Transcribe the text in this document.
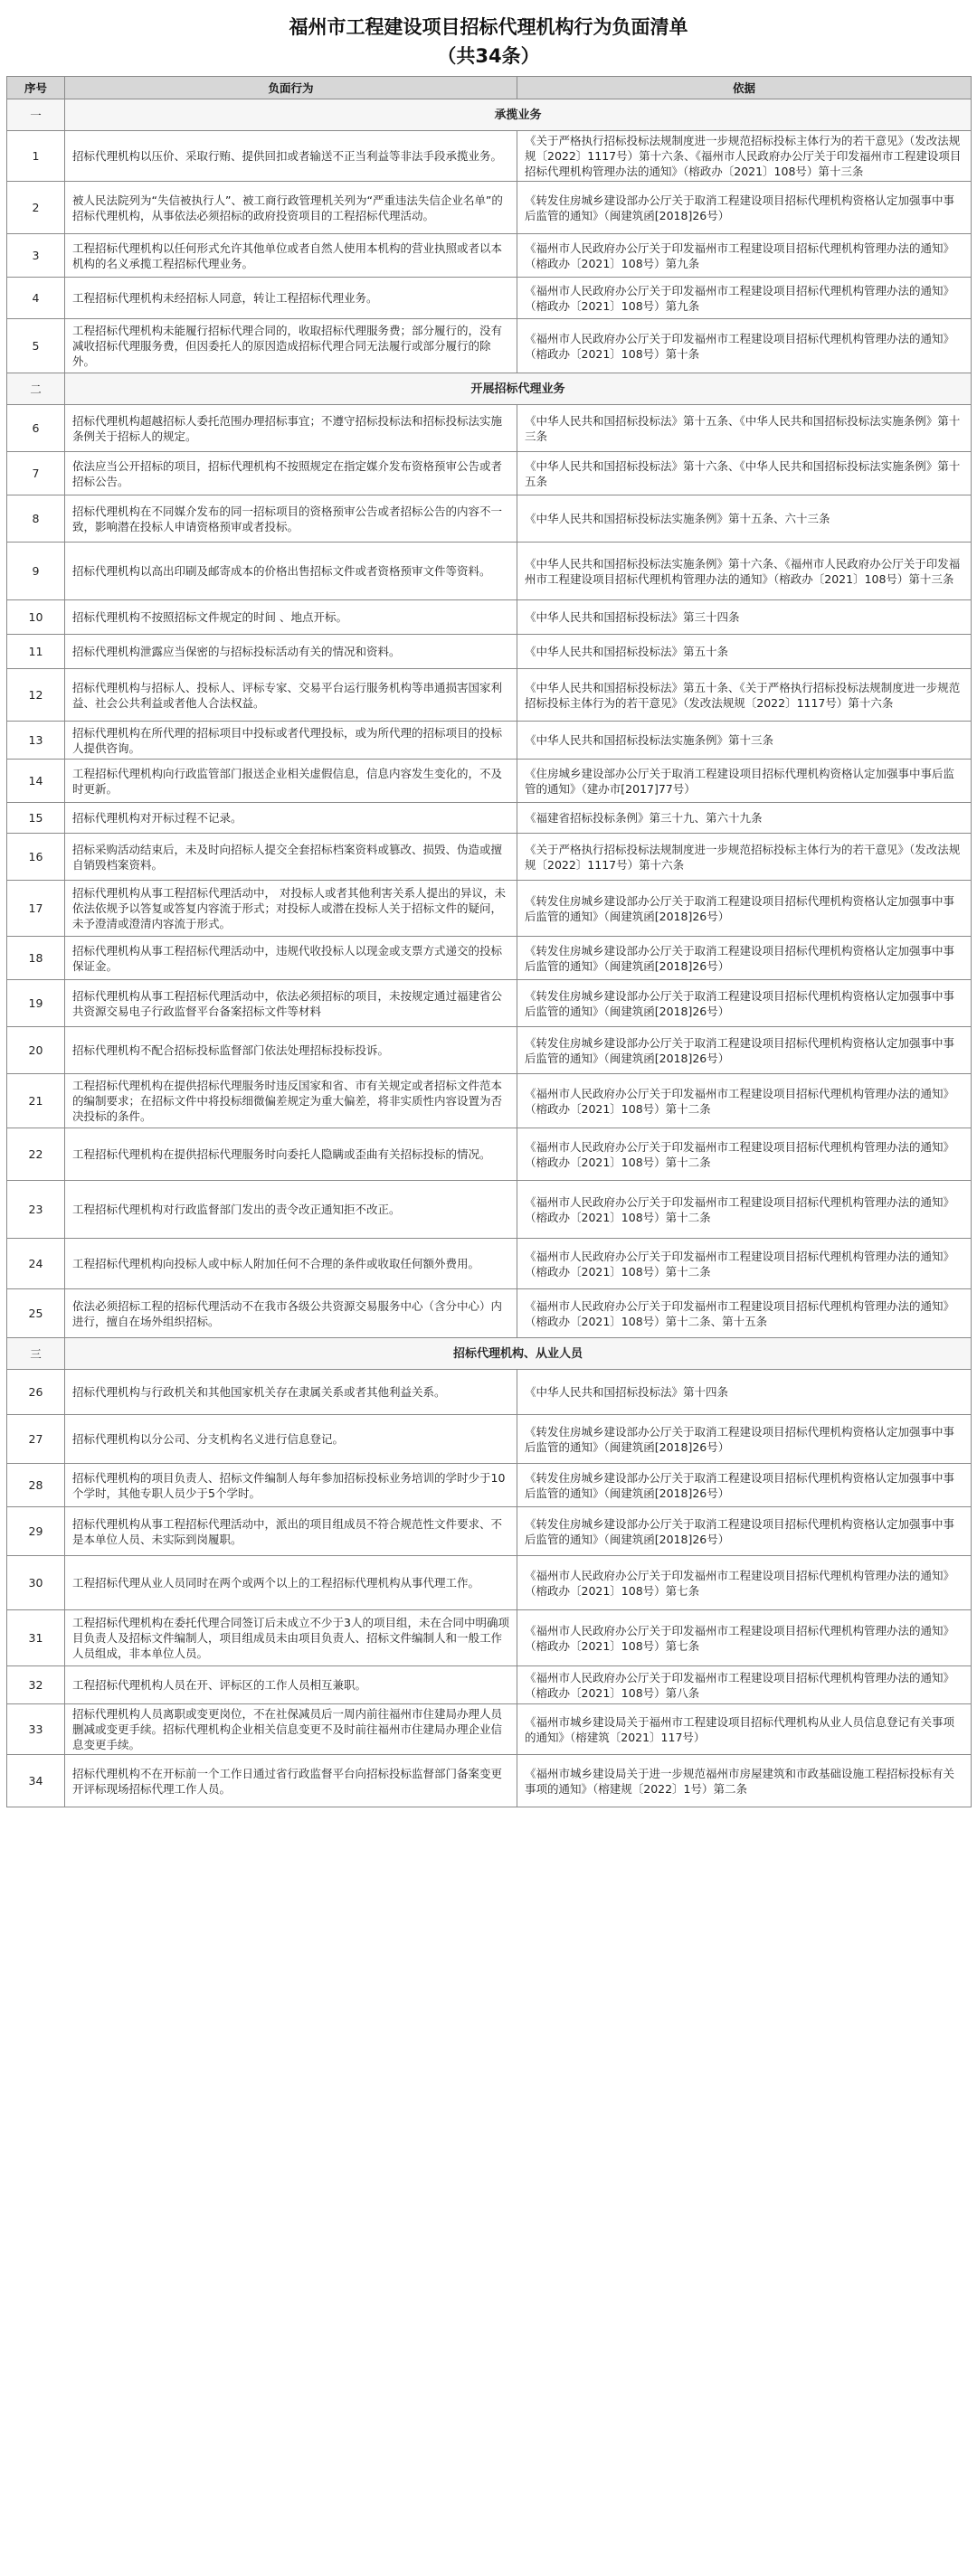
福州市工程建设项目招标代理机构行为负面清单
（共34条）
序号	负面行为	依据
一	承揽业务	
1	招标代理机构以压价、采取行贿、提供回扣或者输送不正当利益等非法手段承揽业务。	《关于严格执行招标投标法规制度进一步规范招标投标主体行为的若干意见》（发改法规规〔2022〕1117号）第十六条、《福州市人民政府办公厅关于印发福州市工程建设项目招标代理机构管理办法的通知》（榕政办〔2021〕108号）第十三条
2	被人民法院列为“失信被执行人”、被工商行政管理机关列为“严重违法失信企业名单”的招标代理机构，从事依法必须招标的政府投资项目的工程招标代理活动。	《转发住房城乡建设部办公厅关于取消工程建设项目招标代理机构资格认定加强事中事后监管的通知》（闽建筑函[2018]26号）
3	工程招标代理机构以任何形式允许其他单位或者自然人使用本机构的营业执照或者以本机构的名义承揽工程招标代理业务。	《福州市人民政府办公厅关于印发福州市工程建设项目招标代理机构管理办法的通知》（榕政办〔2021〕108号）第九条
4	工程招标代理机构未经招标人同意，转让工程招标代理业务。	《福州市人民政府办公厅关于印发福州市工程建设项目招标代理机构管理办法的通知》（榕政办〔2021〕108号）第九条
5	工程招标代理机构未能履行招标代理合同的，收取招标代理服务费；部分履行的，没有减收招标代理服务费，但因委托人的原因造成招标代理合同无法履行或部分履行的除外。	《福州市人民政府办公厅关于印发福州市工程建设项目招标代理机构管理办法的通知》（榕政办〔2021〕108号）第十条
二	开展招标代理业务	
6	招标代理机构超越招标人委托范围办理招标事宜；不遵守招标投标法和招标投标法实施条例关于招标人的规定。	《中华人民共和国招标投标法》第十五条、《中华人民共和国招标投标法实施条例》第十三条
7	依法应当公开招标的项目，招标代理机构不按照规定在指定媒介发布资格预审公告或者招标公告。	《中华人民共和国招标投标法》第十六条、《中华人民共和国招标投标法实施条例》第十五条
8	招标代理机构在不同媒介发布的同一招标项目的资格预审公告或者招标公告的内容不一致，影响潜在投标人申请资格预审或者投标。	《中华人民共和国招标投标法实施条例》第十五条、六十三条
9	招标代理机构以高出印刷及邮寄成本的价格出售招标文件或者资格预审文件等资料。	《中华人民共和国招标投标法实施条例》第十六条、《福州市人民政府办公厅关于印发福州市工程建设项目招标代理机构管理办法的通知》（榕政办〔2021〕108号）第十三条
10	招标代理机构不按照招标文件规定的时间 、地点开标。	《中华人民共和国招标投标法》第三十四条
11	招标代理机构泄露应当保密的与招标投标活动有关的情况和资料。	《中华人民共和国招标投标法》第五十条
12	招标代理机构与招标人、投标人、评标专家、交易平台运行服务机构等串通损害国家利益、社会公共利益或者他人合法权益。	《中华人民共和国招标投标法》第五十条、《关于严格执行招标投标法规制度进一步规范招标投标主体行为的若干意见》（发改法规规〔2022〕1117号）第十六条
13	招标代理机构在所代理的招标项目中投标或者代理投标，或为所代理的招标项目的投标人提供咨询。	《中华人民共和国招标投标法实施条例》第十三条
14	工程招标代理机构向行政监管部门报送企业相关虚假信息，信息内容发生变化的，不及时更新。	《住房城乡建设部办公厅关于取消工程建设项目招标代理机构资格认定加强事中事后监管的通知》（建办市[2017]77号）
15	招标代理机构对开标过程不记录。	《福建省招标投标条例》第三十九、第六十九条
16	招标采购活动结束后，未及时向招标人提交全套招标档案资料或篡改、损毁、伪造或擅自销毁档案资料。	《关于严格执行招标投标法规制度进一步规范招标投标主体行为的若干意见》（发改法规规〔2022〕1117号）第十六条
17	招标代理机构从事工程招标代理活动中， 对投标人或者其他利害关系人提出的异议，未依法依规予以答复或答复内容流于形式；对投标人或潜在投标人关于招标文件的疑问，未予澄清或澄清内容流于形式。	《转发住房城乡建设部办公厅关于取消工程建设项目招标代理机构资格认定加强事中事后监管的通知》（闽建筑函[2018]26号）
18	招标代理机构从事工程招标代理活动中，违规代收投标人以现金或支票方式递交的投标保证金。	《转发住房城乡建设部办公厅关于取消工程建设项目招标代理机构资格认定加强事中事后监管的通知》（闽建筑函[2018]26号）
19	招标代理机构从事工程招标代理活动中，依法必须招标的项目，未按规定通过福建省公共资源交易电子行政监督平台备案招标文件等材料	《转发住房城乡建设部办公厅关于取消工程建设项目招标代理机构资格认定加强事中事后监管的通知》（闽建筑函[2018]26号）
20	招标代理机构不配合招标投标监督部门依法处理招标投标投诉。	《转发住房城乡建设部办公厅关于取消工程建设项目招标代理机构资格认定加强事中事后监管的通知》（闽建筑函[2018]26号）
21	工程招标代理机构在提供招标代理服务时违反国家和省、市有关规定或者招标文件范本的编制要求；在招标文件中将投标细微偏差规定为重大偏差，将非实质性内容设置为否决投标的条件。	《福州市人民政府办公厅关于印发福州市工程建设项目招标代理机构管理办法的通知》（榕政办〔2021〕108号）第十二条
22	工程招标代理机构在提供招标代理服务时向委托人隐瞒或歪曲有关招标投标的情况。	《福州市人民政府办公厅关于印发福州市工程建设项目招标代理机构管理办法的通知》（榕政办〔2021〕108号）第十二条
23	工程招标代理机构对行政监督部门发出的责令改正通知拒不改正。	《福州市人民政府办公厅关于印发福州市工程建设项目招标代理机构管理办法的通知》（榕政办〔2021〕108号）第十二条
24	工程招标代理机构向投标人或中标人附加任何不合理的条件或收取任何额外费用。	《福州市人民政府办公厅关于印发福州市工程建设项目招标代理机构管理办法的通知》（榕政办〔2021〕108号）第十二条
25	依法必须招标工程的招标代理活动不在我市各级公共资源交易服务中心（含分中心）内进行，擅自在场外组织招标。	《福州市人民政府办公厅关于印发福州市工程建设项目招标代理机构管理办法的通知》（榕政办〔2021〕108号）第十二条、第十五条
三	招标代理机构、从业人员	
26	招标代理机构与行政机关和其他国家机关存在隶属关系或者其他利益关系。	《中华人民共和国招标投标法》第十四条
27	招标代理机构以分公司、分支机构名义进行信息登记。	《转发住房城乡建设部办公厅关于取消工程建设项目招标代理机构资格认定加强事中事后监管的通知》（闽建筑函[2018]26号）
28	招标代理机构的项目负责人、招标文件编制人每年参加招标投标业务培训的学时少于10个学时，其他专职人员少于5个学时。	《转发住房城乡建设部办公厅关于取消工程建设项目招标代理机构资格认定加强事中事后监管的通知》（闽建筑函[2018]26号）
29	招标代理机构从事工程招标代理活动中，派出的项目组成员不符合规范性文件要求、不是本单位人员、未实际到岗履职。	《转发住房城乡建设部办公厅关于取消工程建设项目招标代理机构资格认定加强事中事后监管的通知》（闽建筑函[2018]26号）
30	工程招标代理从业人员同时在两个或两个以上的工程招标代理机构从事代理工作。	《福州市人民政府办公厅关于印发福州市工程建设项目招标代理机构管理办法的通知》（榕政办〔2021〕108号）第七条
31	工程招标代理机构在委托代理合同签订后未成立不少于3人的项目组，未在合同中明确项目负责人及招标文件编制人，项目组成员未由项目负责人、招标文件编制人和一般工作人员组成，非本单位人员。	《福州市人民政府办公厅关于印发福州市工程建设项目招标代理机构管理办法的通知》（榕政办〔2021〕108号）第七条
32	工程招标代理机构人员在开、评标区的工作人员相互兼职。	《福州市人民政府办公厅关于印发福州市工程建设项目招标代理机构管理办法的通知》（榕政办〔2021〕108号）第八条
33	招标代理机构人员离职或变更岗位，不在社保减员后一周内前往福州市住建局办理人员删减或变更手续。招标代理机构企业相关信息变更不及时前往福州市住建局办理企业信息变更手续。	《福州市城乡建设局关于福州市工程建设项目招标代理机构从业人员信息登记有关事项的通知》（榕建筑〔2021〕117号）
34	招标代理机构不在开标前一个工作日通过省行政监督平台向招标投标监督部门备案变更开评标现场招标代理工作人员。	《福州市城乡建设局关于进一步规范福州市房屋建筑和市政基础设施工程招标投标有关事项的通知》（榕建规〔2022〕1号）第二条
